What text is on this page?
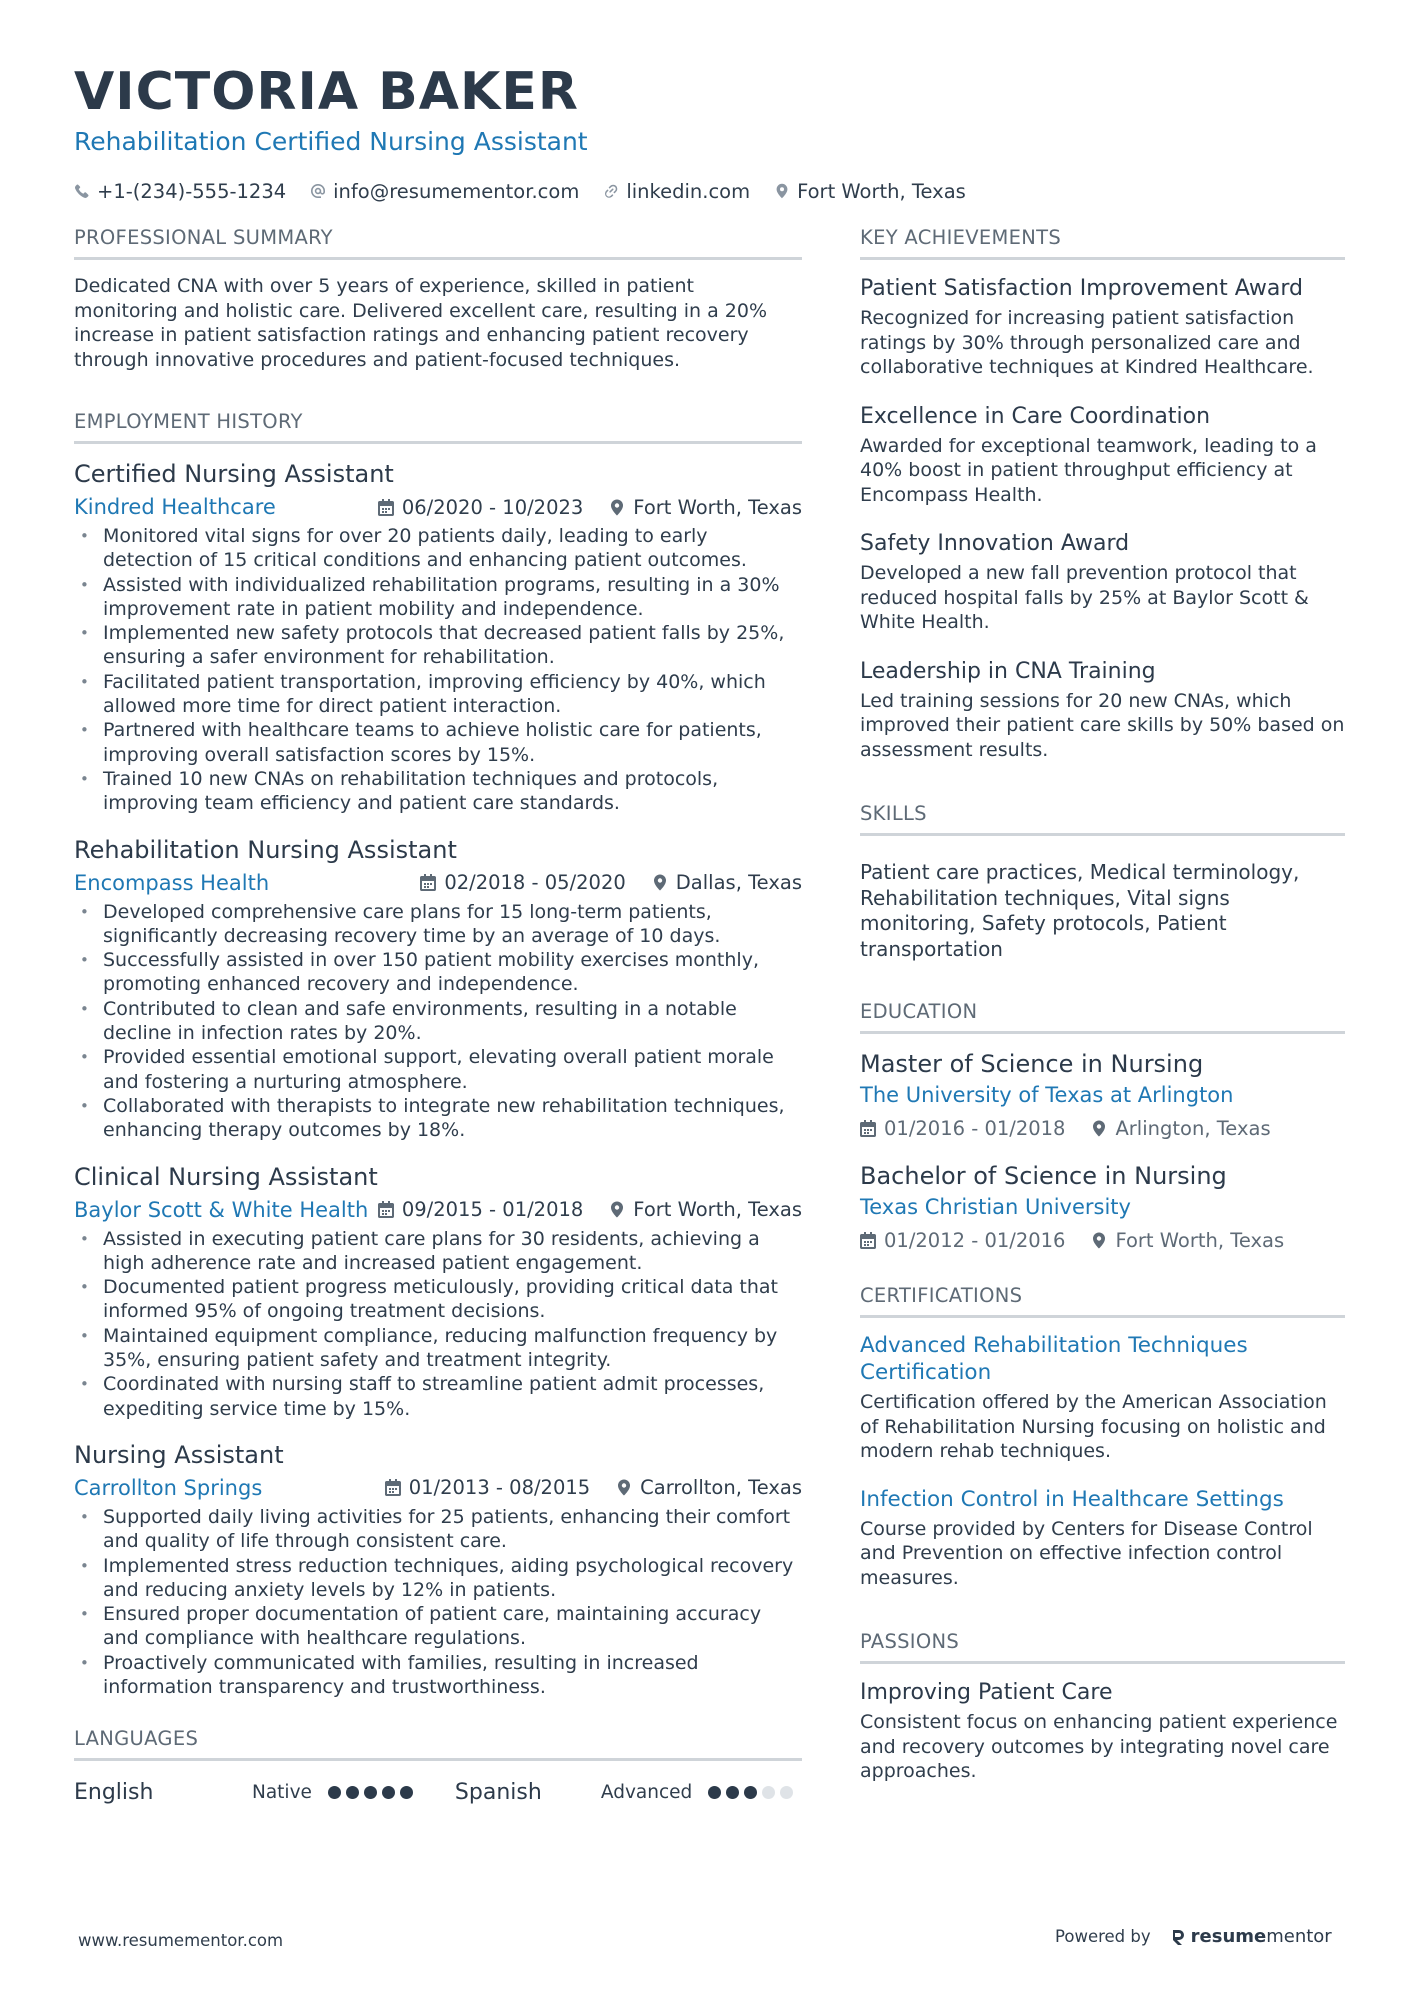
VICTORIA BAKER
Rehabilitation Certified Nursing Assistant
+1-(234)-555-1234 info@resumementor.com linkedin.com Fort Worth, Texas
PROFESSIONAL SUMMARY

Dedicated CNA with over 5 years of experience, skilled in patient monitoring and holistic care. Delivered excellent care, resulting in a 20% increase in patient satisfaction ratings and enhancing patient recovery through innovative procedures and patient-focused techniques.

EMPLOYMENT HISTORY
Certified Nursing Assistant
Kindred Healthcare	06/2020 - 10/2023	Fort Worth, Texas
• Monitored vital signs for over 20 patients daily, leading to early detection of 15 critical conditions and enhancing patient outcomes.
• Assisted with individualized rehabilitation programs, resulting in a 30% improvement rate in patient mobility and independence.
• Implemented new safety protocols that decreased patient falls by 25%, ensuring a safer environment for rehabilitation.
• Facilitated patient transportation, improving efficiency by 40%, which allowed more time for direct patient interaction.
• Partnered with healthcare teams to achieve holistic care for patients, improving overall satisfaction scores by 15%.
• Trained 10 new CNAs on rehabilitation techniques and protocols, improving team efficiency and patient care standards.
Rehabilitation Nursing Assistant
Encompass Health	02/2018 - 05/2020	Dallas, Texas
• Developed comprehensive care plans for 15 long-term patients, significantly decreasing recovery time by an average of 10 days.
• Successfully assisted in over 150 patient mobility exercises monthly, promoting enhanced recovery and independence.
• Contributed to clean and safe environments, resulting in a notable decline in infection rates by 20%.
• Provided essential emotional support, elevating overall patient morale and fostering a nurturing atmosphere.
• Collaborated with therapists to integrate new rehabilitation techniques, enhancing therapy outcomes by 18%.
Clinical Nursing Assistant
Baylor Scott & White Health 09/2015 - 01/2018	Fort Worth, Texas
• Assisted in executing patient care plans for 30 residents, achieving a high adherence rate and increased patient engagement.
• Documented patient progress meticulously, providing critical data that informed 95% of ongoing treatment decisions.
• Maintained equipment compliance, reducing malfunction frequency by 35%, ensuring patient safety and treatment integrity.
• Coordinated with nursing staff to streamline patient admit processes, expediting service time by 15%.
Nursing Assistant
Carrollton Springs	01/2013 - 08/2015	Carrollton, Texas
• Supported daily living activities for 25 patients, enhancing their comfort and quality of life through consistent care.
• Implemented stress reduction techniques, aiding psychological recovery and reducing anxiety levels by 12% in patients.
• Ensured proper documentation of patient care, maintaining accuracy and compliance with healthcare regulations.
• Proactively communicated with families, resulting in increased information transparency and trustworthiness.
LANGUAGES
English	Native	Spanish	Advanced
KEY ACHIEVEMENTS
Patient Satisfaction Improvement Award
Recognized for increasing patient satisfaction ratings by 30% through personalized care and collaborative techniques at Kindred Healthcare.
Excellence in Care Coordination
Awarded for exceptional teamwork, leading to a 40% boost in patient throughput efficiency at Encompass Health.
Safety Innovation Award
Developed a new fall prevention protocol that reduced hospital falls by 25% at Baylor Scott & White Health.
Leadership in CNA Training
Led training sessions for 20 new CNAs, which improved their patient care skills by 50% based on assessment results.
SKILLS

Patient care practices, Medical terminology, Rehabilitation techniques, Vital signs monitoring, Safety protocols, Patient transportation

EDUCATION
Master of Science in Nursing
The University of Texas at Arlington
01/2016 - 01/2018	Arlington, Texas
Bachelor of Science in Nursing
Texas Christian University
01/2012 - 01/2016	Fort Worth, Texas
CERTIFICATIONS
Advanced Rehabilitation Techniques Certification
Certification offered by the American Association of Rehabilitation Nursing focusing on holistic and modern rehab techniques.
Infection Control in Healthcare Settings
Course provided by Centers for Disease Control and Prevention on effective infection control measures.
PASSIONS
Improving Patient Care
Consistent focus on enhancing patient experience and recovery outcomes by integrating novel care approaches.
www.resumementor.com	Powered by resumementor
